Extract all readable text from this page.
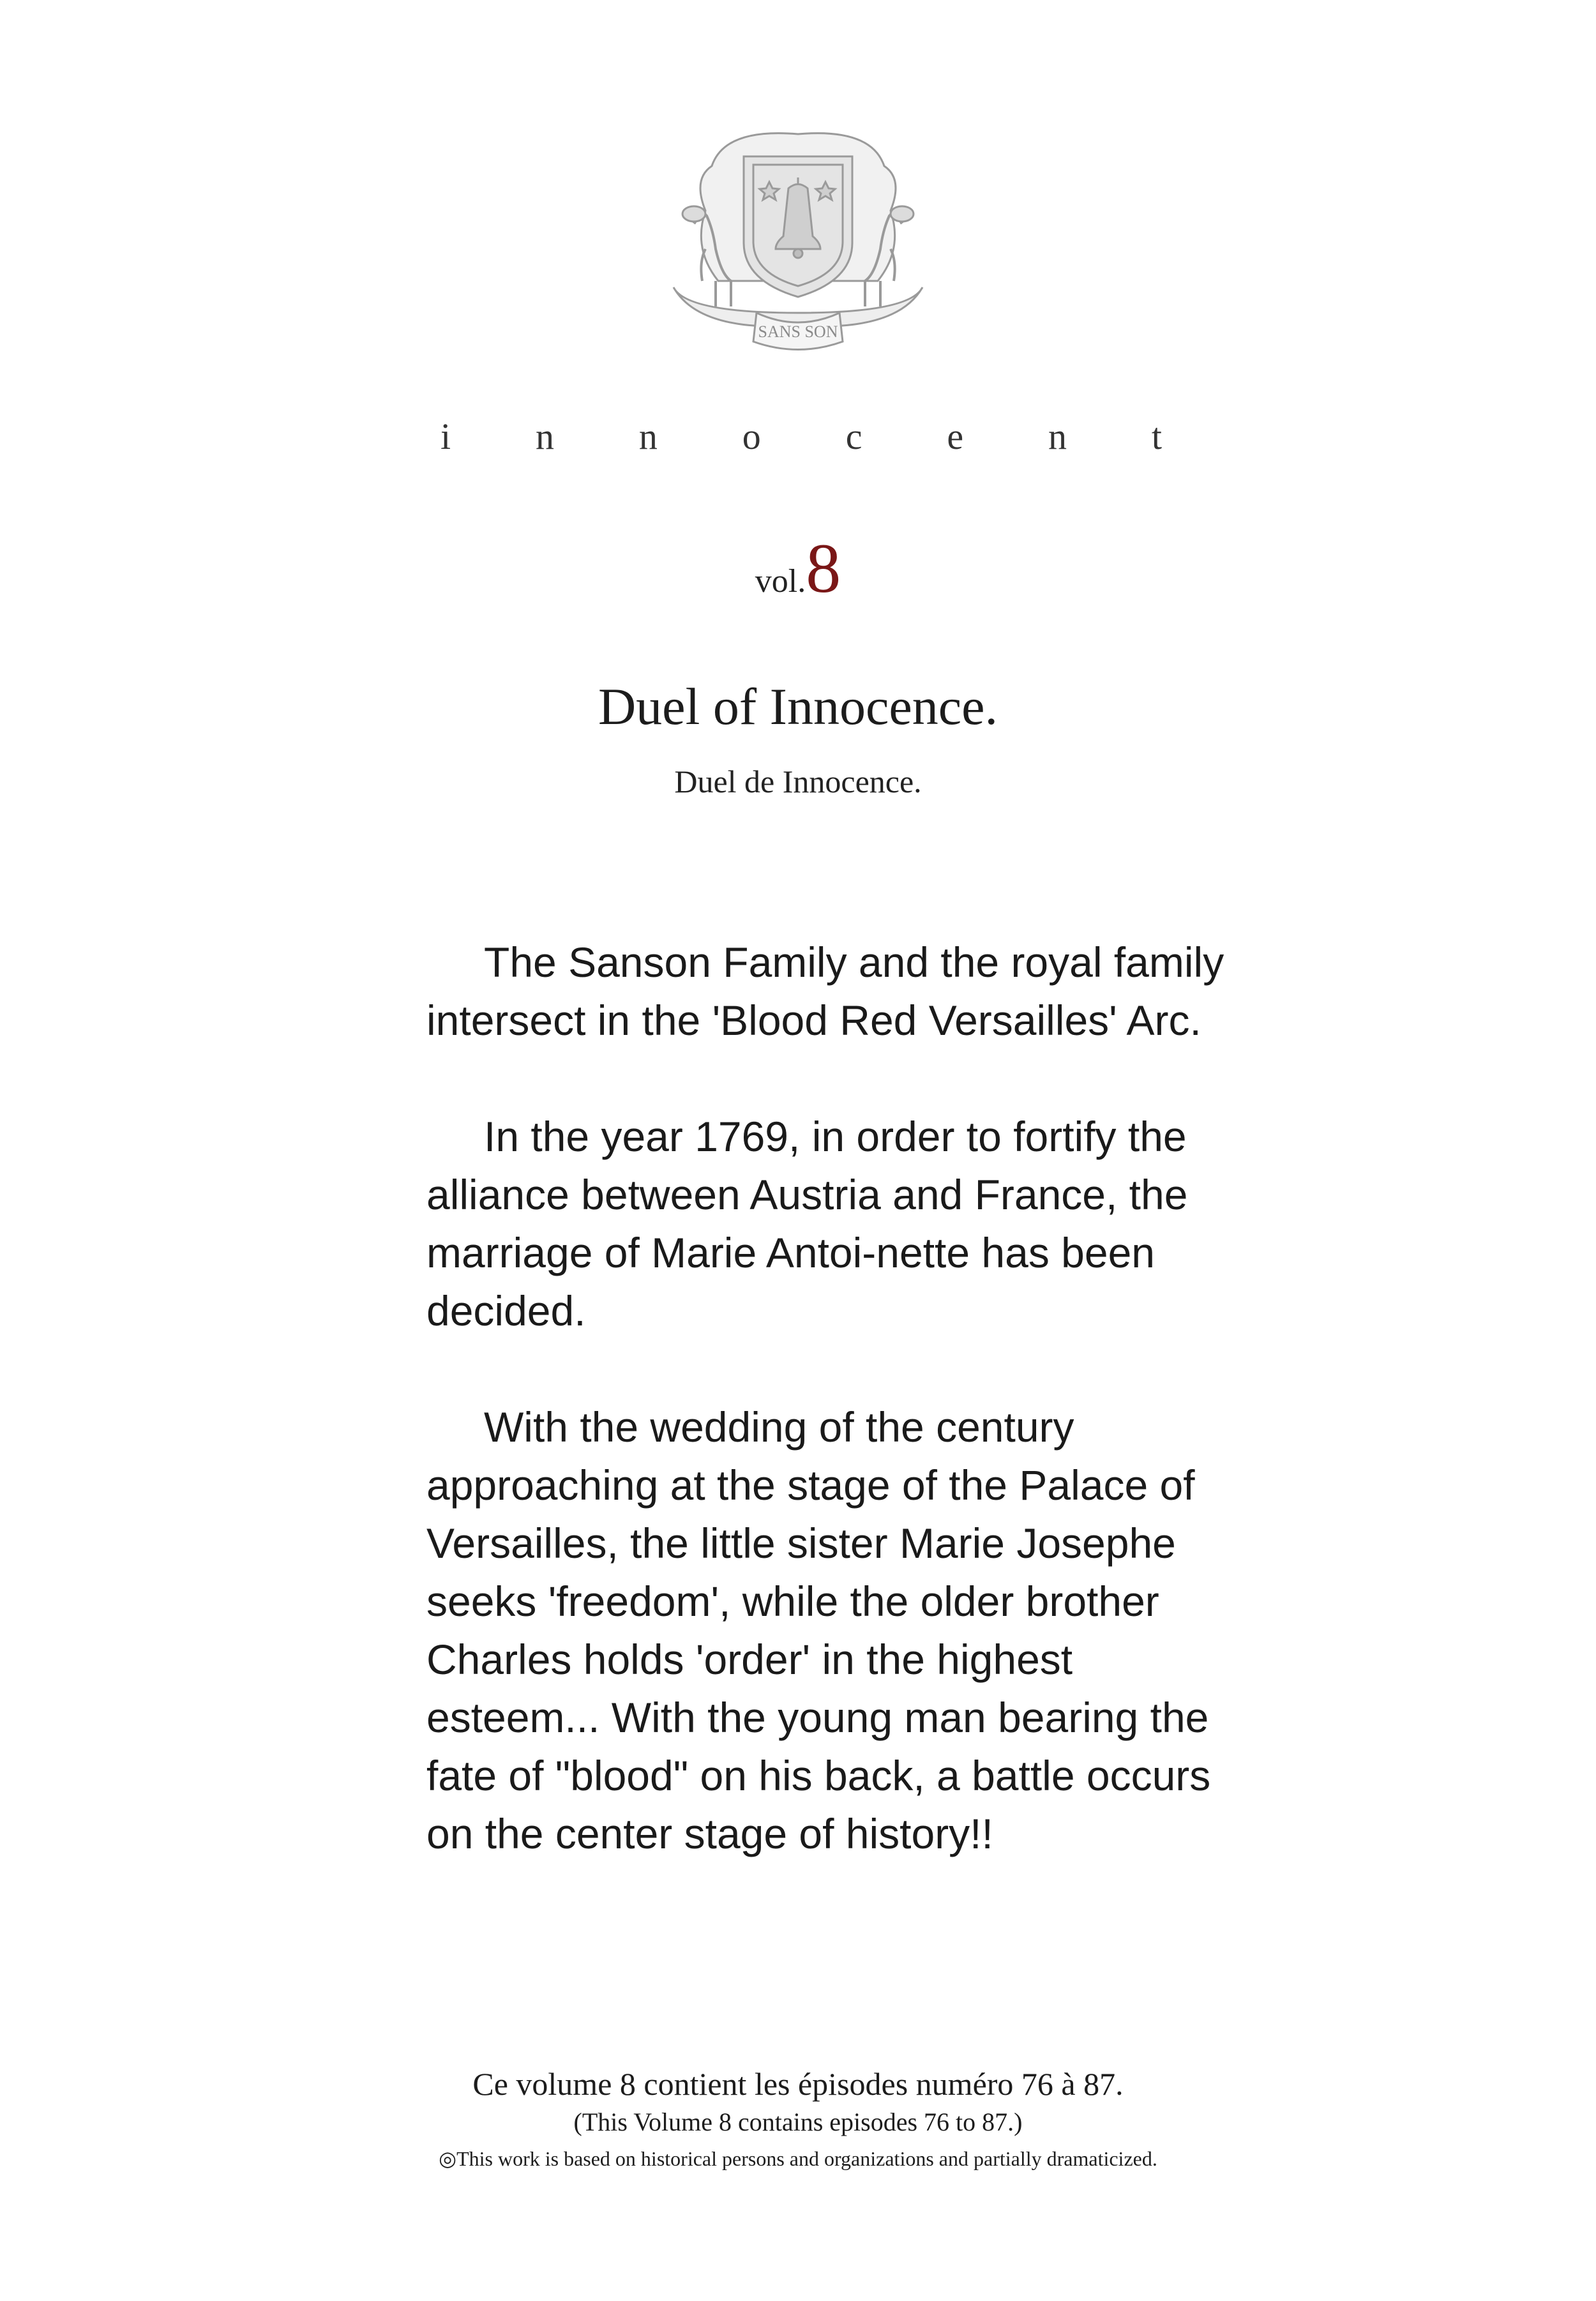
SANS SON
i n n o c e n t
vol.8
Duel of Innocence.
Duel de Innocence.

The Sanson Family and the royal family intersect in the 'Blood Red Versailles' Arc.

In the year 1769, in order to fortify the alliance between Austria and France, the marriage of Marie Antoi-nette has been decided.

With the wedding of the century approaching at the stage of the Palace of Versailles, the little sister Marie Josephe seeks 'freedom', while the older brother Charles holds 'order' in the highest esteem... With the young man bearing the fate of "blood" on his back, a battle occurs on the center stage of history!!

Ce volume 8 contient les épisodes numéro 76 à 87.
(This Volume 8 contains episodes 76 to 87.)
◎This work is based on historical persons and organizations and partially dramaticized.
